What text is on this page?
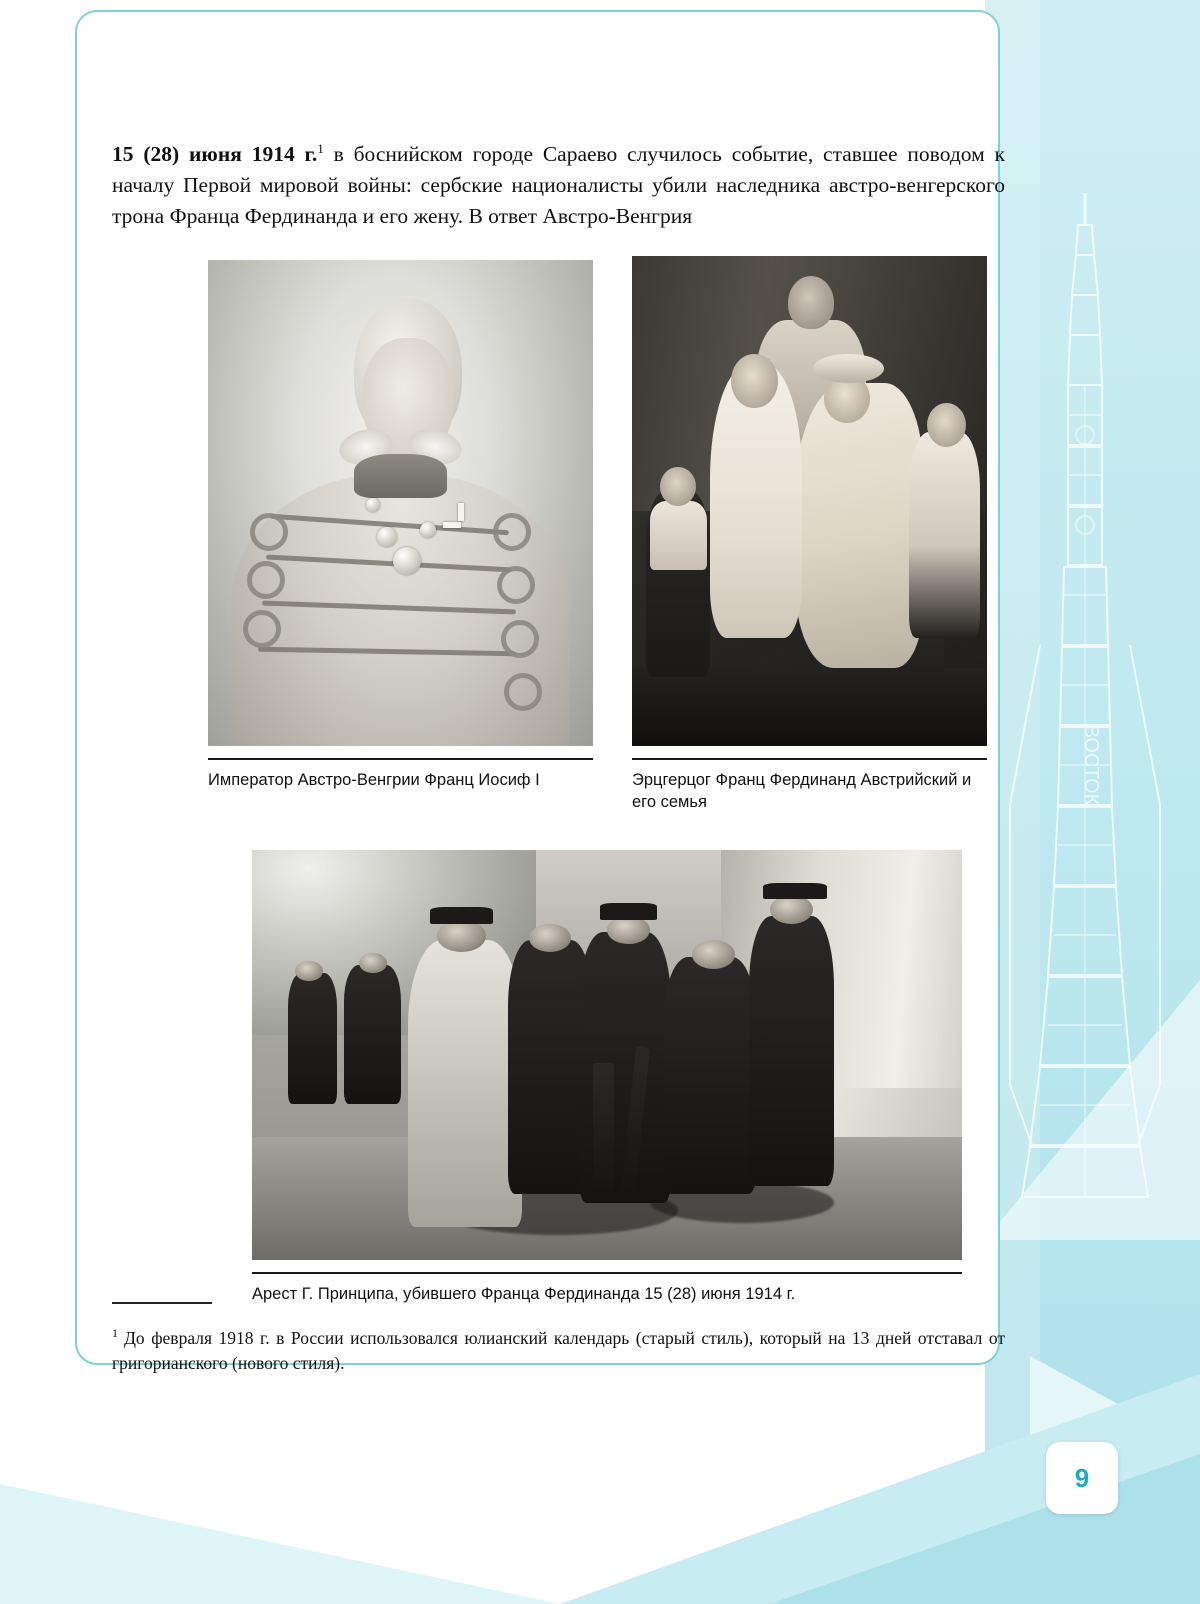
ВОСТОК

15 (28) июня 1914 г.$^1$ в боснийском городе Сараево случилось событие, ставшее поводом к началу Первой мировой войны: сербские националисты убили наследника австро-венгерского трона Франца Фердинанда и его жену. В ответ Австро-Венгрия

Император Австро-Венгрии Франц Иосиф I	Эрцгерцог Франц Фердинанд Австрийский и его семья
Арест Г. Принципа, убившего Франца Фердинанда 15 (28) июня 1914 г.

$^1$ До февраля 1918 г. в России использовался юлианский календарь (старый стиль), который на 13 дней отставал от григорианского (нового стиля).

9
